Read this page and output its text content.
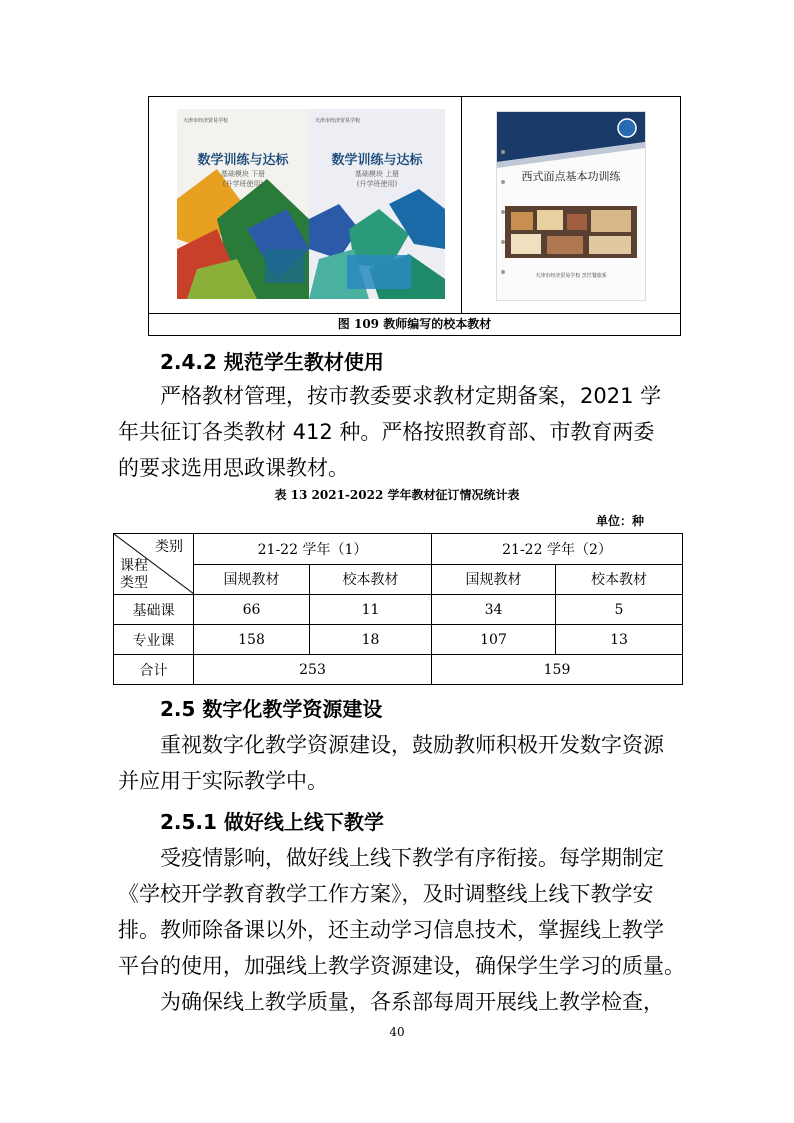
天津市经济贸易学校
数学训练与达标
基础模块 下册
(升学班使用)
天津市经济贸易学校
数学训练与达标
基础模块 上册
(升学班使用)
西式面点基本功训练
天津市经济贸易学校 烹饪餐旅系
图 109 教师编写的校本教材
2.4.2 规范学生教材使用
严格教材管理，按市教委要求教材定期备案，2021 学
年共征订各类教材 412 种。严格按照教育部、市教育两委
的要求选用思政课教材。
表 13 2021-2022 学年教材征订情况统计表
单位：种
类别
课程
类型	21-22 学年（1）		21-22 学年（2）	
	国规教材	校本教材	国规教材	校本教材
基础课	66	11	34	5
专业课	158	18	107	13
合计	253		159	
2.5 数字化教学资源建设
重视数字化教学资源建设，鼓励教师积极开发数字资源
并应用于实际教学中。
2.5.1 做好线上线下教学
受疫情影响，做好线上线下教学有序衔接。每学期制定
《学校开学教育教学工作方案》，及时调整线上线下教学安
排。教师除备课以外，还主动学习信息技术，掌握线上教学
平台的使用，加强线上教学资源建设，确保学生学习的质量。
为确保线上教学质量，各系部每周开展线上教学检查，
40
